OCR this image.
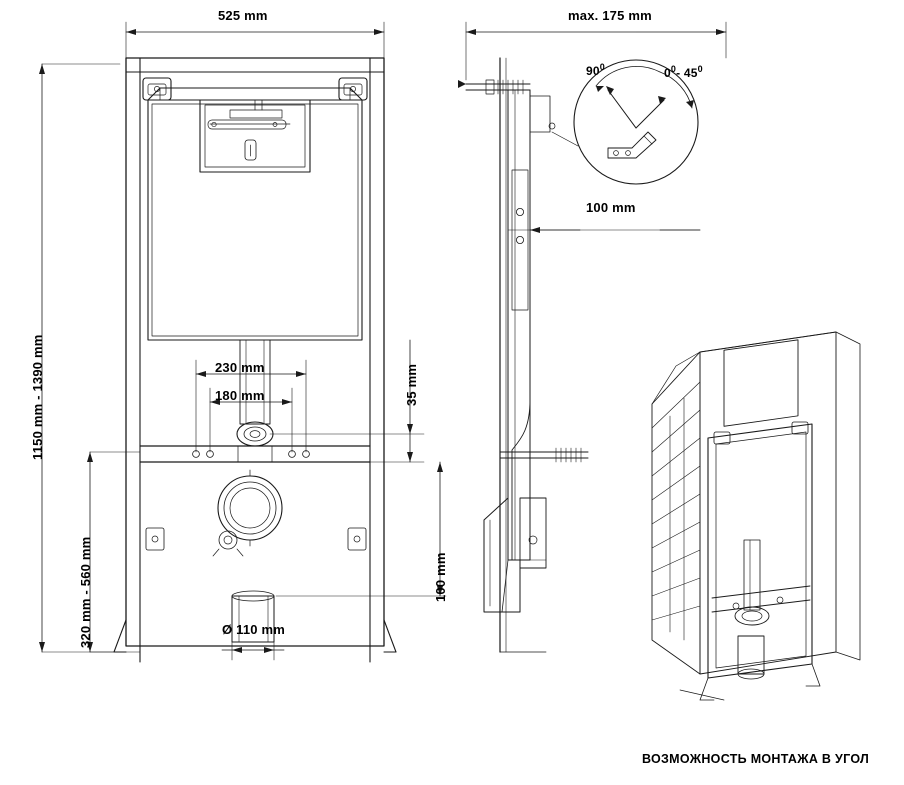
525 mm
1150 mm - 1390 mm
320 mm - 560 mm
230 mm
180 mm	35 mm
100 mm
Ø 110 mm
max. 175 mm
100 mm
$90^0$	$0^0-$ $45^0$
ВОЗМОЖНОСТЬ МОНТАЖА В УГОЛ
